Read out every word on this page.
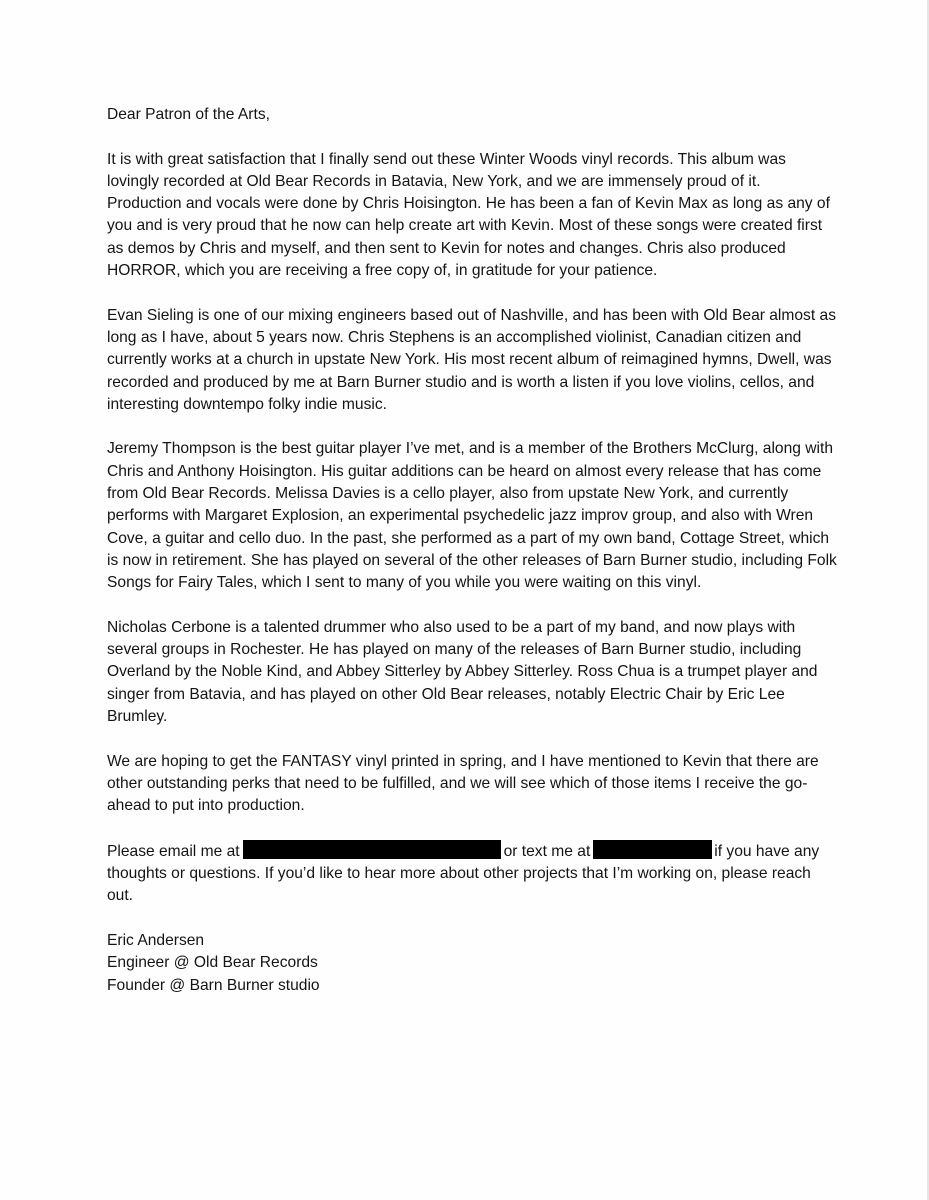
Dear Patron of the Arts,

It is with great satisfaction that I finally send out these Winter Woods vinyl records. This album was lovingly recorded at Old Bear Records in Batavia, New York, and we are immensely proud of it. Production and vocals were done by Chris Hoisington. He has been a fan of Kevin Max as long as any of you and is very proud that he now can help create art with Kevin. Most of these songs were created first as demos by Chris and myself, and then sent to Kevin for notes and changes. Chris also produced HORROR, which you are receiving a free copy of, in gratitude for your patience.

Evan Sieling is one of our mixing engineers based out of Nashville, and has been with Old Bear almost as long as I have, about 5 years now. Chris Stephens is an accomplished violinist, Canadian citizen and currently works at a church in upstate New York. His most recent album of reimagined hymns, Dwell, was recorded and produced by me at Barn Burner studio and is worth a listen if you love violins, cellos, and interesting downtempo folky indie music.

Jeremy Thompson is the best guitar player I’ve met, and is a member of the Brothers McClurg, along with Chris and Anthony Hoisington. His guitar additions can be heard on almost every release that has come from Old Bear Records. Melissa Davies is a cello player, also from upstate New York, and currently performs with Margaret Explosion, an experimental psychedelic jazz improv group, and also with Wren Cove, a guitar and cello duo. In the past, she performed as a part of my own band, Cottage Street, which is now in retirement. She has played on several of the other releases of Barn Burner studio, including Folk Songs for Fairy Tales, which I sent to many of you while you were waiting on this vinyl.

Nicholas Cerbone is a talented drummer who also used to be a part of my band, and now plays with several groups in Rochester. He has played on many of the releases of Barn Burner studio, including Overland by the Noble Kind, and Abbey Sitterley by Abbey Sitterley. Ross Chua is a trumpet player and singer from Batavia, and has played on other Old Bear releases, notably Electric Chair by Eric Lee Brumley.

We are hoping to get the FANTASY vinyl printed in spring, and I have mentioned to Kevin that there are other outstanding perks that need to be fulfilled, and we will see which of those items I receive the go-ahead to put into production.

Please email me at	or text me at	if you have any thoughts or questions. If you’d like to hear more about other projects that I’m working on, please reach out.

Eric Andersen

Engineer @ Old Bear Records

Founder @ Barn Burner studio
